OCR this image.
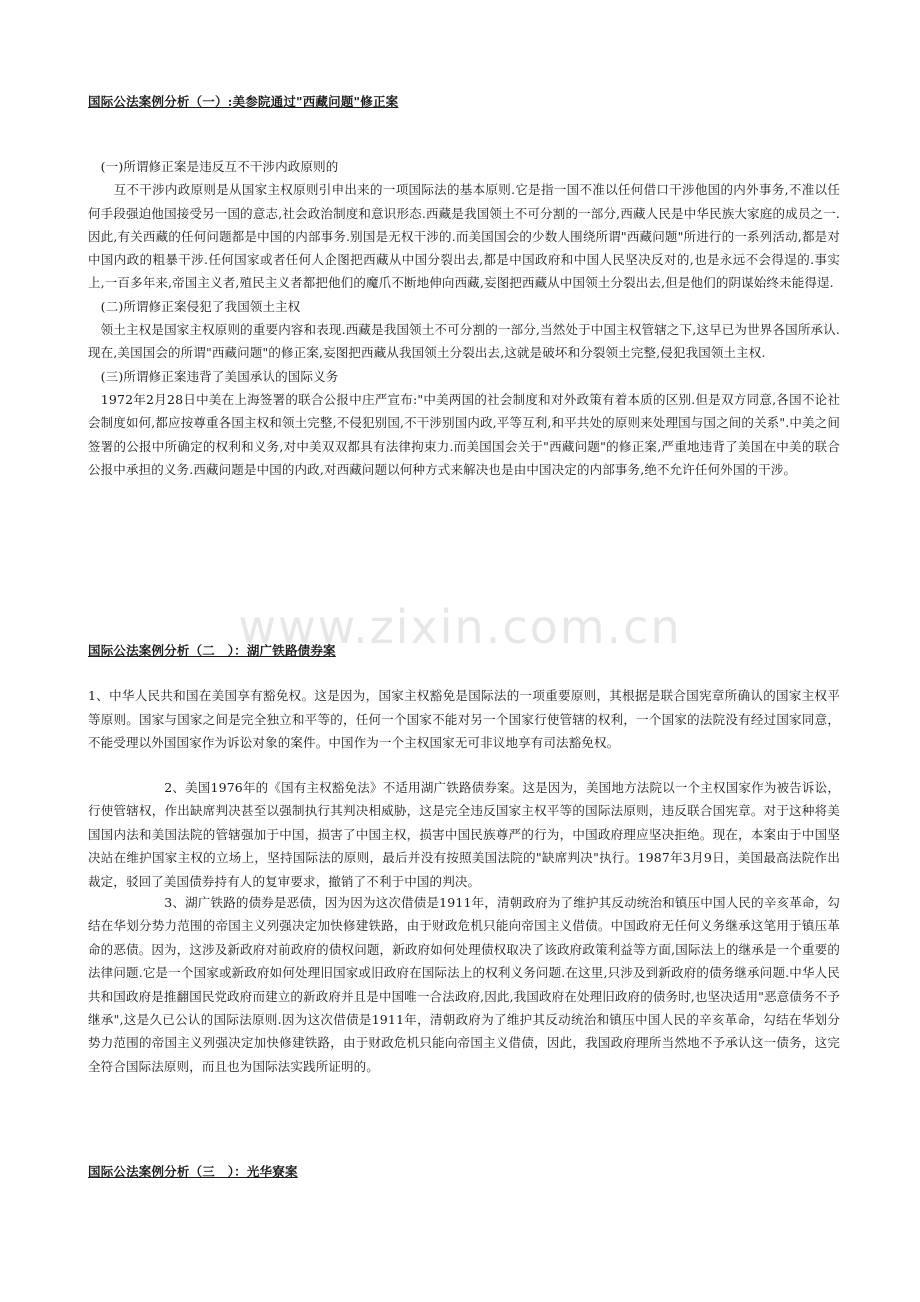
www.zixin.com.cn
国际公法案例分析（一）:美参院通过"西藏问题"修正案

　(一)所谓修正案是违反互不干涉内政原则的

　　互不干涉内政原则是从国家主权原则引申出来的一项国际法的基本原则.它是指一国不准以任何借口干涉他国的内外事务,不准以任何手段强迫他国接受另一国的意志,社会政治制度和意识形态.西藏是我国领土不可分割的一部分,西藏人民是中华民族大家庭的成员之一.因此,有关西藏的任何问题都是中国的内部事务.别国是无权干涉的.而美国国会的少数人围绕所谓"西藏问题"所进行的一系列活动,都是对中国内政的粗暴干涉.任何国家或者任何人企图把西藏从中国分裂出去,都是中国政府和中国人民坚决反对的,也是永远不会得逞的.事实上,一百多年来,帝国主义者,殖民主义者都把他们的魔爪不断地伸向西藏,妄图把西藏从中国领土分裂出去,但是他们的阴谋始终未能得逞.

　(二)所谓修正案侵犯了我国领土主权

　领土主权是国家主权原则的重要内容和表现.西藏是我国领土不可分割的一部分,当然处于中国主权管辖之下,这早已为世界各国所承认.现在,美国国会的所谓"西藏问题"的修正案,妄图把西藏从我国领土分裂出去,这就是破坏和分裂领土完整,侵犯我国领土主权.

　(三)所谓修正案违背了美国承认的国际义务

　1972年2月28日中美在上海签署的联合公报中庄严宣布:"中美两国的社会制度和对外政策有着本质的区别.但是双方同意,各国不论社会制度如何,都应按尊重各国主权和领土完整,不侵犯别国,不干涉别国内政,平等互利,和平共处的原则来处理国与国之间的关系".中美之间签署的公报中所确定的权利和义务,对中美双双都具有法律拘束力.而美国国会关于"西藏问题"的修正案,严重地违背了美国在中美的联合公报中承担的义务.西藏问题是中国的内政,对西藏问题以何种方式来解决也是由中国决定的内部事务,绝不允许任何外国的干涉。

国际公法案例分析（二　）：湖广铁路债券案
1、中华人民共和国在美国享有豁免权。这是因为，国家主权豁免是国际法的一项重要原则，其根据是联合国宪章所确认的国家主权平等原则。国家与国家之间是完全独立和平等的，任何一个国家不能对另一个国家行使管辖的权利，一个国家的法院没有经过国家同意，不能受理以外国国家作为诉讼对象的案件。中国作为一个主权国家无可非议地享有司法豁免权。
　　　　　　2、美国1976年的《国有主权豁免法》不适用湖广铁路债券案。这是因为，美国地方法院以一个主权国家作为被告诉讼，行使管辖权，作出缺席判决甚至以强制执行其判决相威胁，这是完全违反国家主权平等的国际法原则，违反联合国宪章。对于这种将美国国内法和美国法院的管辖强加于中国，损害了中国主权，损害中国民族尊严的行为，中国政府理应坚决拒绝。现在，本案由于中国坚决站在维护国家主权的立场上，坚持国际法的原则，最后并没有按照美国法院的"缺席判决"执行。1987年3月9日，美国最高法院作出裁定，驳回了美国债券持有人的复审要求，撤销了不利于中国的判决。
　　　　　　3、湖广铁路的债券是恶债，因为因为这次借债是1911年，清朝政府为了维护其反动统治和镇压中国人民的辛亥革命，勾结在华划分势力范围的帝国主义列强决定加快修建铁路，由于财政危机只能向帝国主义借债。中国政府无任何义务继承这笔用于镇压革命的恶债。因为，这涉及新政府对前政府的债权问题，新政府如何处理债权取决了该政府政策利益等方面,国际法上的继承是一个重要的法律问题.它是一个国家或新政府如何处理旧国家或旧政府在国际法上的权利义务问题.在这里,只涉及到新政府的债务继承问题.中华人民共和国政府是推翻国民党政府而建立的新政府并且是中国唯一合法政府,因此,我国政府在处理旧政府的债务时,也坚决适用"恶意债务不予继承",这是久已公认的国际法原则.因为这次借债是1911年，清朝政府为了维护其反动统治和镇压中国人民的辛亥革命，勾结在华划分势力范围的帝国主义列强决定加快修建铁路，由于财政危机只能向帝国主义借债，因此，我国政府理所当然地不予承认这一债务，这完全符合国际法原则，而且也为国际法实践所证明的。
国际公法案例分析（三　）：光华寮案
